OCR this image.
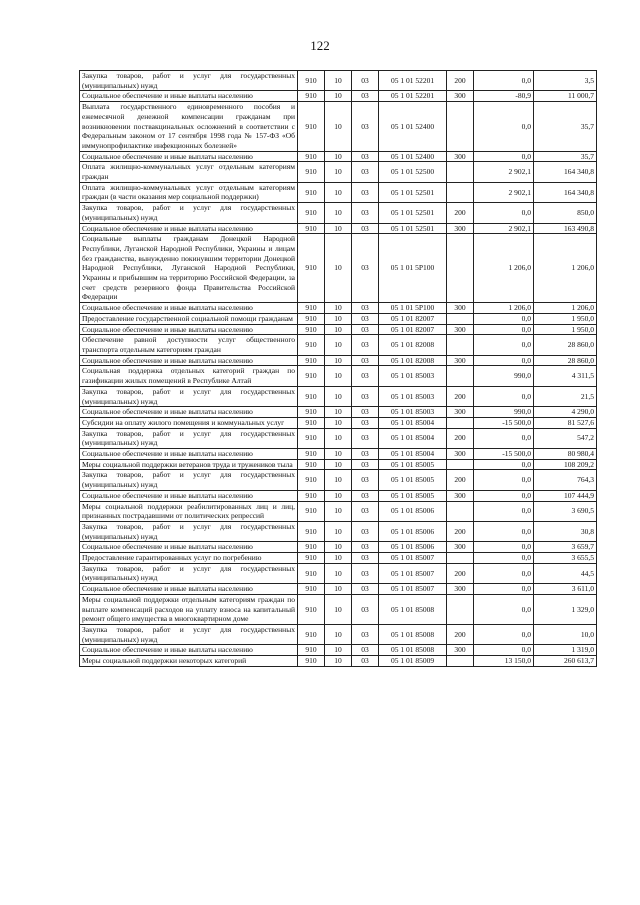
122
Закупка товаров, работ и услуг для государственных (муниципальных) нужд	910	10	03	05 1 01 52201	200	0,0	3,5
Социальное обеспечение и иные выплаты населению	910	10	03	05 1 01 52201	300	-80,9	11 000,7
Выплата государственного единовременного пособия и ежемесячной денежной компенсации гражданам при возникновении поствакцинальных осложнений в соответствии с Федеральным законом от 17 сентября 1998 года № 157-ФЗ «Об иммунопрофилактике инфекционных болезней»	910	10	03	05 1 01 52400		0,0	35,7
Социальное обеспечение и иные выплаты населению	910	10	03	05 1 01 52400	300	0,0	35,7
Оплата жилищно-коммунальных услуг отдельным категориям граждан	910	10	03	05 1 01 52500		2 902,1	164 340,8
Оплата жилищно-коммунальных услуг отдельным категориям граждан (в части оказания мер социальной поддержки)	910	10	03	05 1 01 52501		2 902,1	164 340,8
Закупка товаров, работ и услуг для государственных (муниципальных) нужд	910	10	03	05 1 01 52501	200	0,0	850,0
Социальное обеспечение и иные выплаты населению	910	10	03	05 1 01 52501	300	2 902,1	163 490,8
Социальные выплаты гражданам Донецкой Народной Республики, Луганской Народной Республики, Украины и лицам без гражданства, вынужденно покинувшим территории Донецкой Народной Республики, Луганской Народной Республики, Украины и прибывшим на территорию Российской Федерации, за счет средств резервного фонда Правительства Российской Федерации	910	10	03	05 1 01 5Р100		1 206,0	1 206,0
Социальное обеспечение и иные выплаты населению	910	10	03	05 1 01 5Р100	300	1 206,0	1 206,0
Предоставление государственной социальной помощи гражданам	910	10	03	05 1 01 82007		0,0	1 950,0
Социальное обеспечение и иные выплаты населению	910	10	03	05 1 01 82007	300	0,0	1 950,0
Обеспечение равной доступности услуг общественного транспорта отдельным категориям граждан	910	10	03	05 1 01 82008		0,0	28 860,0
Социальное обеспечение и иные выплаты населению	910	10	03	05 1 01 82008	300	0,0	28 860,0
Социальная поддержка отдельных категорий граждан по газификации жилых помещений в Республике Алтай	910	10	03	05 1 01 85003		990,0	4 311,5
Закупка товаров, работ и услуг для государственных (муниципальных) нужд	910	10	03	05 1 01 85003	200	0,0	21,5
Социальное обеспечение и иные выплаты населению	910	10	03	05 1 01 85003	300	990,0	4 290,0
Субсидии на оплату жилого помещения и коммунальных услуг	910	10	03	05 1 01 85004		-15 500,0	81 527,6
Закупка товаров, работ и услуг для государственных (муниципальных) нужд	910	10	03	05 1 01 85004	200	0,0	547,2
Социальное обеспечение и иные выплаты населению	910	10	03	05 1 01 85004	300	-15 500,0	80 980,4
Меры социальной поддержки ветеранов труда и тружеников тыла	910	10	03	05 1 01 85005		0,0	108 209,2
Закупка товаров, работ и услуг для государственных (муниципальных) нужд	910	10	03	05 1 01 85005	200	0,0	764,3
Социальное обеспечение и иные выплаты населению	910	10	03	05 1 01 85005	300	0,0	107 444,9
Меры социальной поддержки реабилитированных лиц и лиц, признанных пострадавшими от политических репрессий	910	10	03	05 1 01 85006		0,0	3 690,5
Закупка товаров, работ и услуг для государственных (муниципальных) нужд	910	10	03	05 1 01 85006	200	0,0	30,8
Социальное обеспечение и иные выплаты населению	910	10	03	05 1 01 85006	300	0,0	3 659,7
Предоставление гарантированных услуг по погребению	910	10	03	05 1 01 85007		0,0	3 655,5
Закупка товаров, работ и услуг для государственных (муниципальных) нужд	910	10	03	05 1 01 85007	200	0,0	44,5
Социальное обеспечение и иные выплаты населению	910	10	03	05 1 01 85007	300	0,0	3 611,0
Меры социальной поддержки отдельным категориям граждан по выплате компенсаций расходов на уплату взноса на капитальный ремонт общего имущества в многоквартирном доме	910	10	03	05 1 01 85008		0,0	1 329,0
Закупка товаров, работ и услуг для государственных (муниципальных) нужд	910	10	03	05 1 01 85008	200	0,0	10,0
Социальное обеспечение и иные выплаты населению	910	10	03	05 1 01 85008	300	0,0	1 319,0
Меры социальной поддержки некоторых категорий	910	10	03	05 1 01 85009		13 150,0	260 613,7
